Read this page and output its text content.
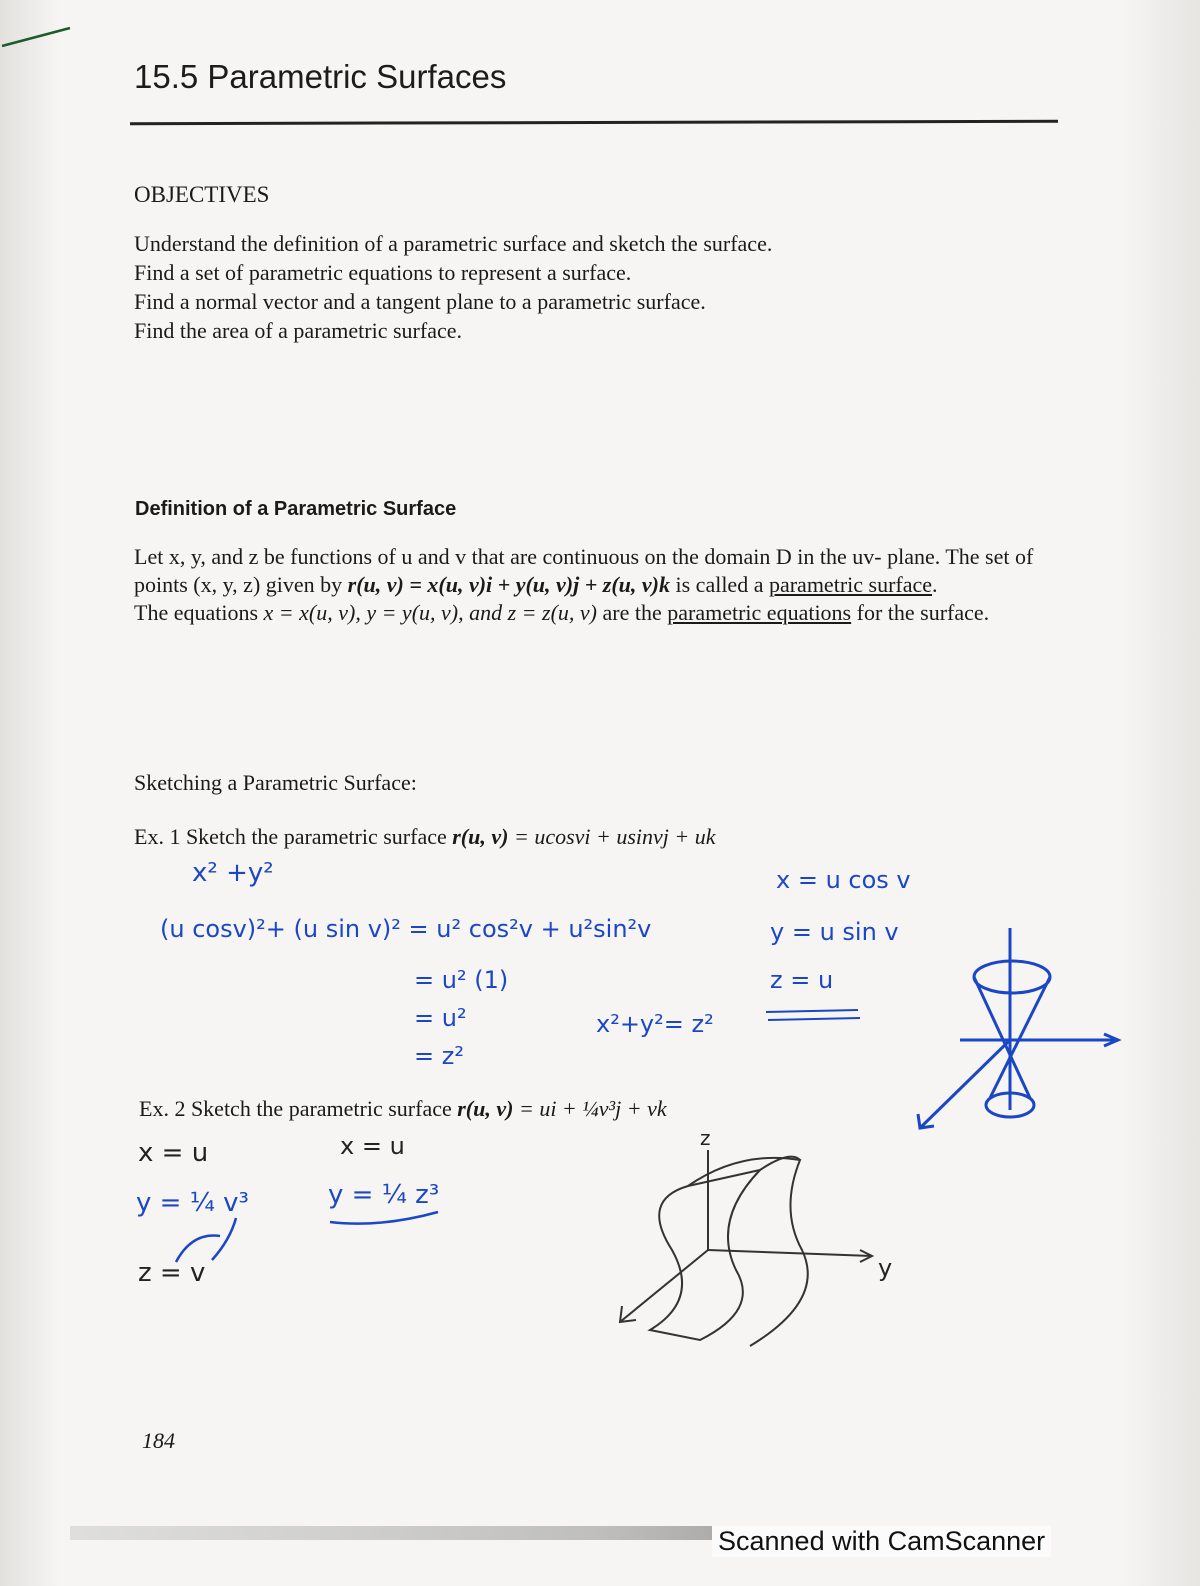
15.5 Parametric Surfaces
OBJECTIVES
Understand the definition of a parametric surface and sketch the surface.
Find a set of parametric equations to represent a surface.
Find a normal vector and a tangent plane to a parametric surface.
Find the area of a parametric surface.
Definition of a Parametric Surface
Let x, y, and z be functions of u and v that are continuous on the domain D in the uv- plane. The set of points (x, y, z) given by r(u, v) = x(u, v)i + y(u, v)j + z(u, v)k is called a parametric surface.
The equations x = x(u, v), y = y(u, v), and z = z(u, v) are the parametric equations for the surface.
Sketching a Parametric Surface:
Ex. 1 Sketch the parametric surface r(u, v) = ucosvi + usinvj + uk
Ex. 2 Sketch the parametric surface r(u, v) = ui + ¼v³j + vk
x² +y²
(u cosv)²+ (u sin v)² = u² cos²v + u²sin²v
= u² (1)
= u²
= z²
x²+y²= z²
x = u cos v
y = u sin v
z = u
x = u
y = ¼ v³
z = v
x = u
y = ¼ z³
z
y
184
Scanned with CamScanner
